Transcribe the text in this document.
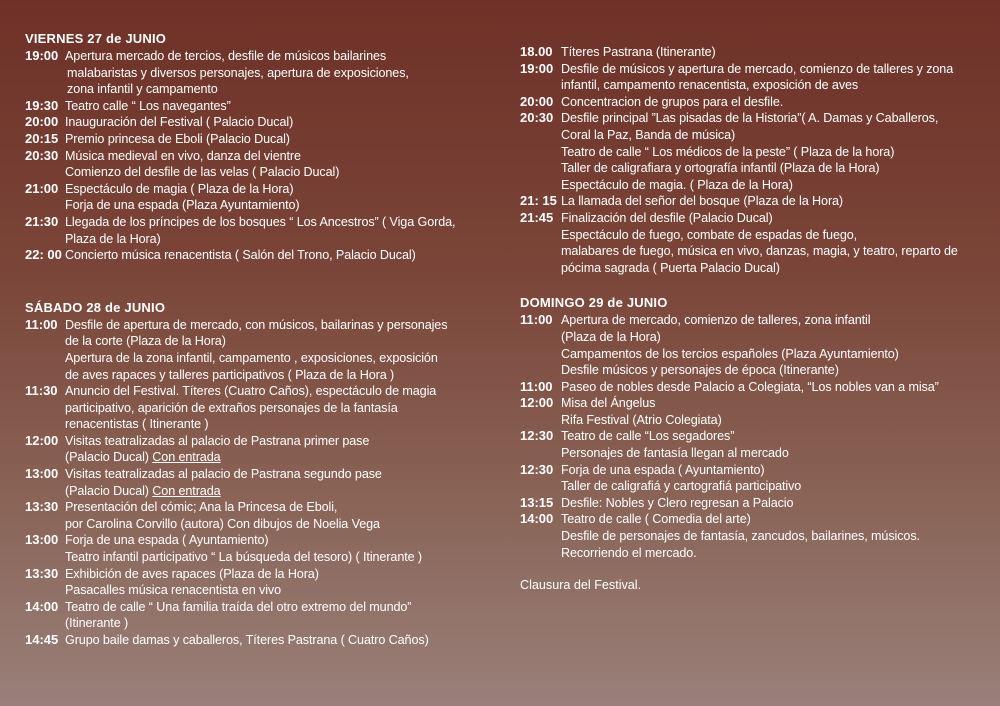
VIERNES 27 de JUNIO
19:00 Apertura mercado de tercios, desfile de músicos bailarines
malabaristas y diversos personajes, apertura de exposiciones,
zona infantil y campamento
19:30 Teatro calle “ Los navegantes”
20:00 Inauguración del Festival ( Palacio Ducal)
20:15 Premio princesa de Eboli (Palacio Ducal)
20:30 Música medieval en vivo, danza del vientre
Comienzo del desfile de las velas ( Palacio Ducal)
21:00 Espectáculo de magia ( Plaza de la Hora)
Forja de una espada (Plaza Ayuntamiento)
21:30 Llegada de los príncipes de los bosques “ Los Ancestros” ( Viga Gorda,
Plaza de la Hora)
22: 00 Concierto música renacentista ( Salón del Trono, Palacio Ducal)
SÁBADO 28 de JUNIO
11:00 Desfile de apertura de mercado, con músicos, bailarinas y personajes
de la corte (Plaza de la Hora)
Apertura de la zona infantil, campamento , exposiciones, exposición
de aves rapaces y talleres participativos ( Plaza de la Hora )
11:30 Anuncio del Festival. Títeres (Cuatro Caños), espectáculo de magia
participativo, aparición de extraños personajes de la fantasía
renacentistas ( Itinerante )
12:00 Visitas teatralizadas al palacio de Pastrana primer pase
(Palacio Ducal) Con entrada
13:00 Visitas teatralizadas al palacio de Pastrana segundo pase
(Palacio Ducal) Con entrada
13:30 Presentación del cómic; Ana la Princesa de Eboli,
por Carolina Corvillo (autora) Con dibujos de Noelia Vega
13:00 Forja de una espada ( Ayuntamiento)
Teatro infantil participativo “ La búsqueda del tesoro) ( Itinerante )
13:30 Exhibición de aves rapaces (Plaza de la Hora)
Pasacalles música renacentista en vivo
14:00 Teatro de calle “ Una familia traída del otro extremo del mundo”
(Itinerante )
14:45 Grupo baile damas y caballeros, Títeres Pastrana ( Cuatro Caños)
18.00 Títeres Pastrana (Itinerante)
19:00 Desfile de músicos y apertura de mercado, comienzo de talleres y zona
infantil, campamento renacentista, exposición de aves
20:00 Concentracion de grupos para el desfile.
20:30 Desfile principal ”Las pisadas de la Historia”( A. Damas y Caballeros,
Coral la Paz, Banda de música)
Teatro de calle “ Los médicos de la peste” ( Plaza de la hora)
Taller de caligrafiara y ortografía infantil (Plaza de la Hora)
Espectáculo de magia. ( Plaza de la Hora)
21: 15 La llamada del señor del bosque (Plaza de la Hora)
21:45 Finalización del desfile (Palacio Ducal)
Espectáculo de fuego, combate de espadas de fuego,
malabares de fuego, música en vivo, danzas, magia, y teatro, reparto de
pócima sagrada ( Puerta Palacio Ducal)
DOMINGO 29 de JUNIO
11:00 Apertura de mercado, comienzo de talleres, zona infantil
(Plaza de la Hora)
Campamentos de los tercios españoles (Plaza Ayuntamiento)
Desfile músicos y personajes de época (Itinerante)
11:00 Paseo de nobles desde Palacio a Colegiata, “Los nobles van a misa”
12:00 Misa del Ángelus
Rifa Festival (Atrio Colegiata)
12:30 Teatro de calle “Los segadores”
Personajes de fantasía llegan al mercado
12:30 Forja de una espada ( Ayuntamiento)
Taller de caligrafiá y cartografiá participativo
13:15 Desfile: Nobles y Clero regresan a Palacio
14:00 Teatro de calle ( Comedia del arte)
Desfile de personajes de fantasía, zancudos, bailarines, músicos.
Recorriendo el mercado.
Clausura del Festival.
